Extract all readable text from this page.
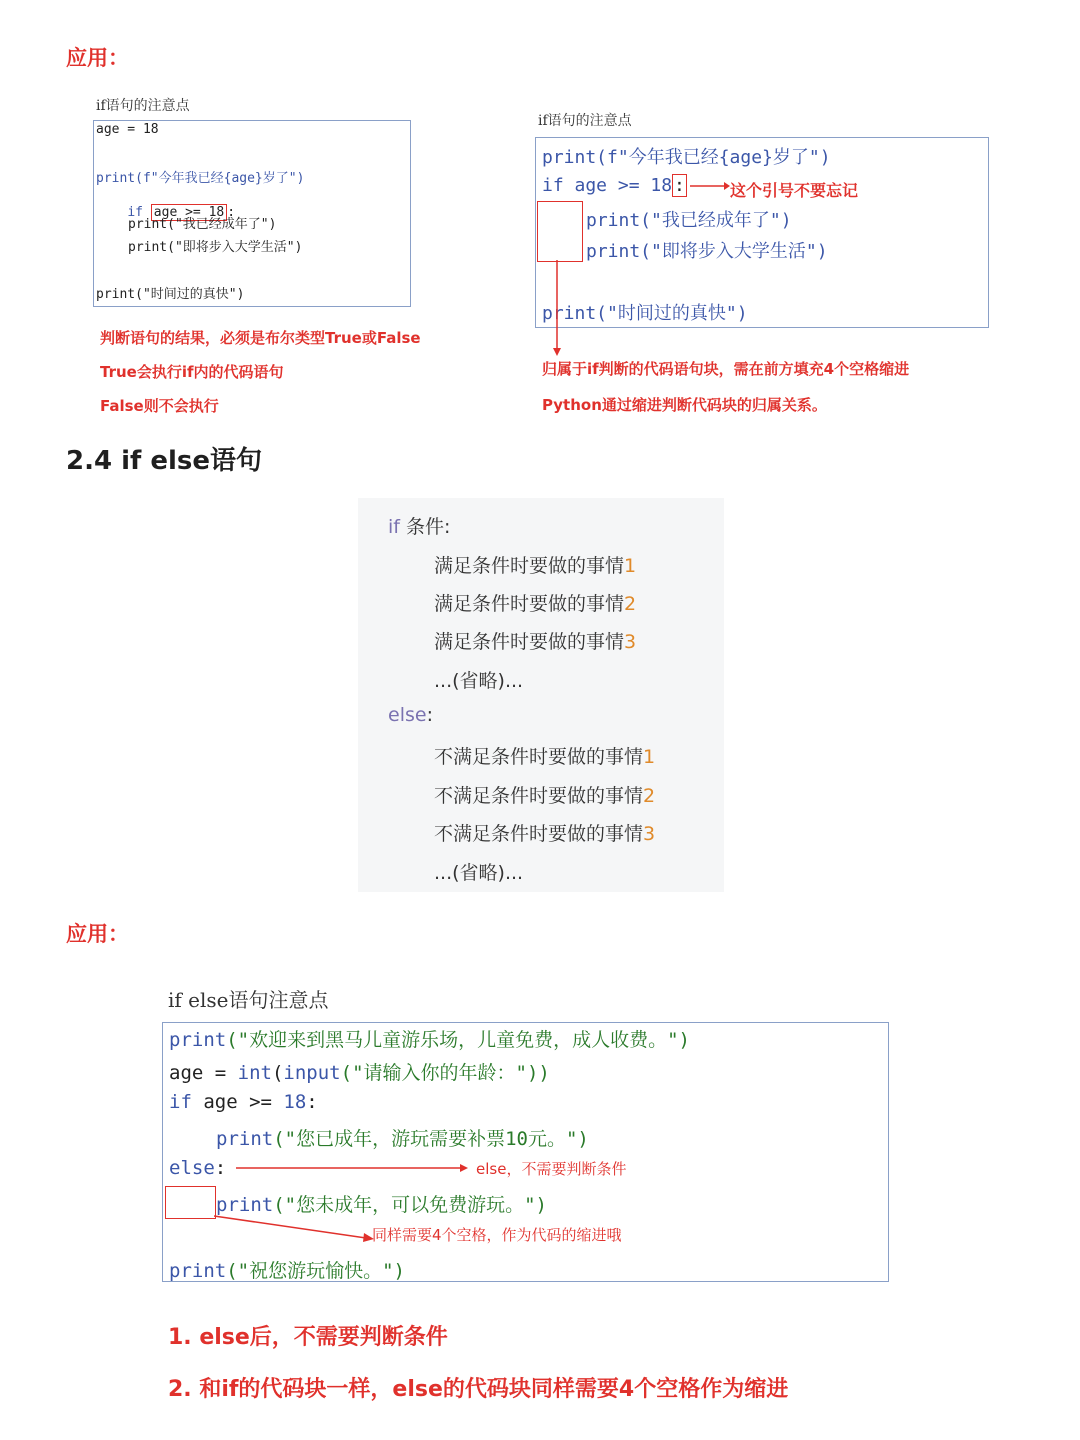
应用：
if语句的注意点
age = 18
print(f"今年我已经{age}岁了")

if age >= 18 :

print("我已经成年了")
print("即将步入大学生活")
print("时间过的真快")
判断语句的结果，必须是布尔类型True或False
True会执行if内的代码语句
False则不会执行
if语句的注意点
print(f"今年我已经{age}岁了")
if age >= 18 :
print("我已经成年了")
print("即将步入大学生活")
print("时间过的真快")
这个引号不要忘记
归属于if判断的代码语句块，需在前方填充4个空格缩进
Python通过缩进判断代码块的归属关系。
2.4 if else语句
if 条件:
满足条件时要做的事情1
满足条件时要做的事情2
满足条件时要做的事情3
...(省略)...
else:
不满足条件时要做的事情1
不满足条件时要做的事情2
不满足条件时要做的事情3
...(省略)...
应用：
if else语句注意点
print("欢迎来到黑马儿童游乐场，儿童免费，成人收费。")
age = int(input("请输入你的年龄："))
if age >= 18:
print("您已成年，游玩需要补票10元。")
else:
print("您未成年，可以免费游玩。")
print("祝您游玩愉快。")
else，不需要判断条件
同样需要4个空格，作为代码的缩进哦
1. else后，不需要判断条件
2. 和if的代码块一样，else的代码块同样需要4个空格作为缩进
